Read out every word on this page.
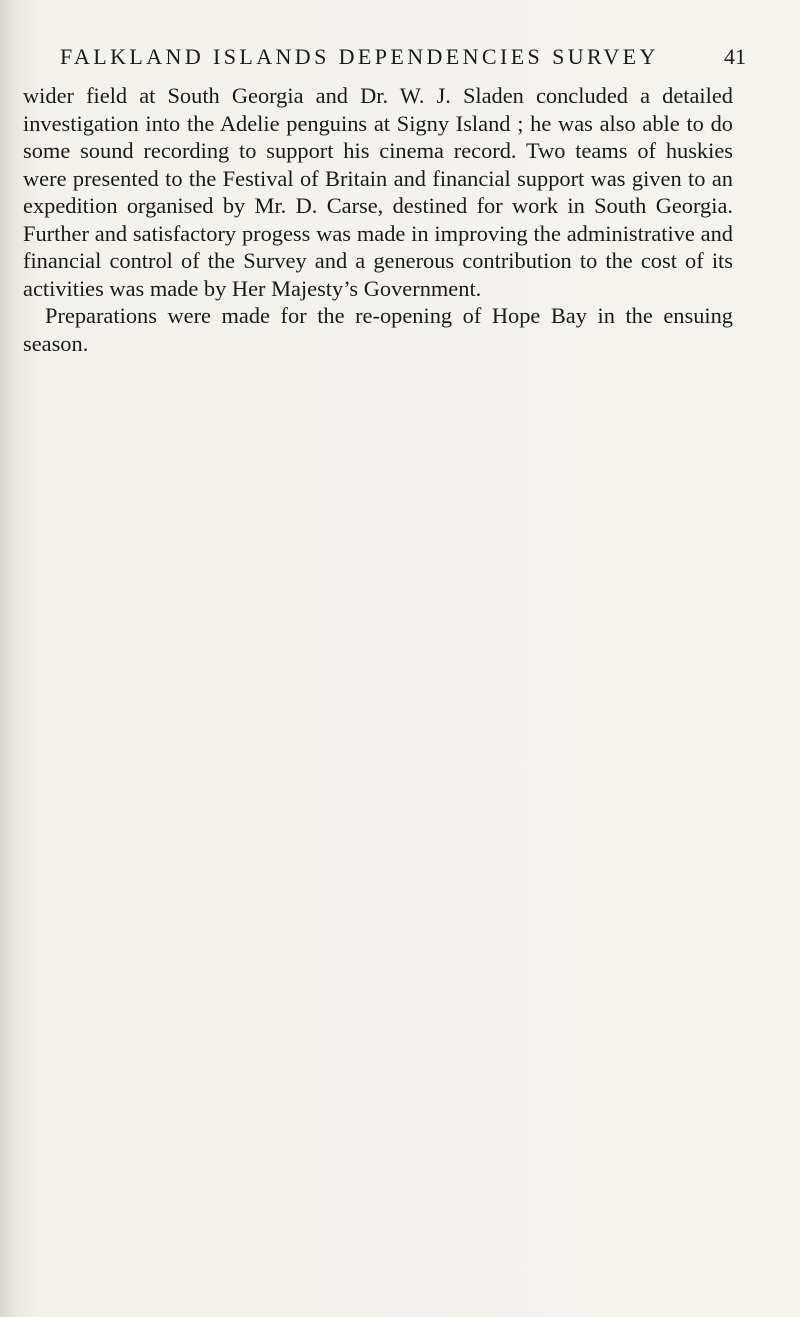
FALKLAND ISLANDS DEPENDENCIES SURVEY	41

wider field at South Georgia and Dr. W. J. Sladen concluded a detailed investigation into the Adelie penguins at Signy Island ; he was also able to do some sound recording to support his cinema record. Two teams of huskies were presented to the Festival of Britain and financial support was given to an expedition organised by Mr. D. Carse, destined for work in South Georgia. Further and satisfactory progess was made in improving the administrative and financial control of the Survey and a generous contribution to the cost of its activities was made by Her Majesty’s Government.

Preparations were made for the re-opening of Hope Bay in the ensuing season.
